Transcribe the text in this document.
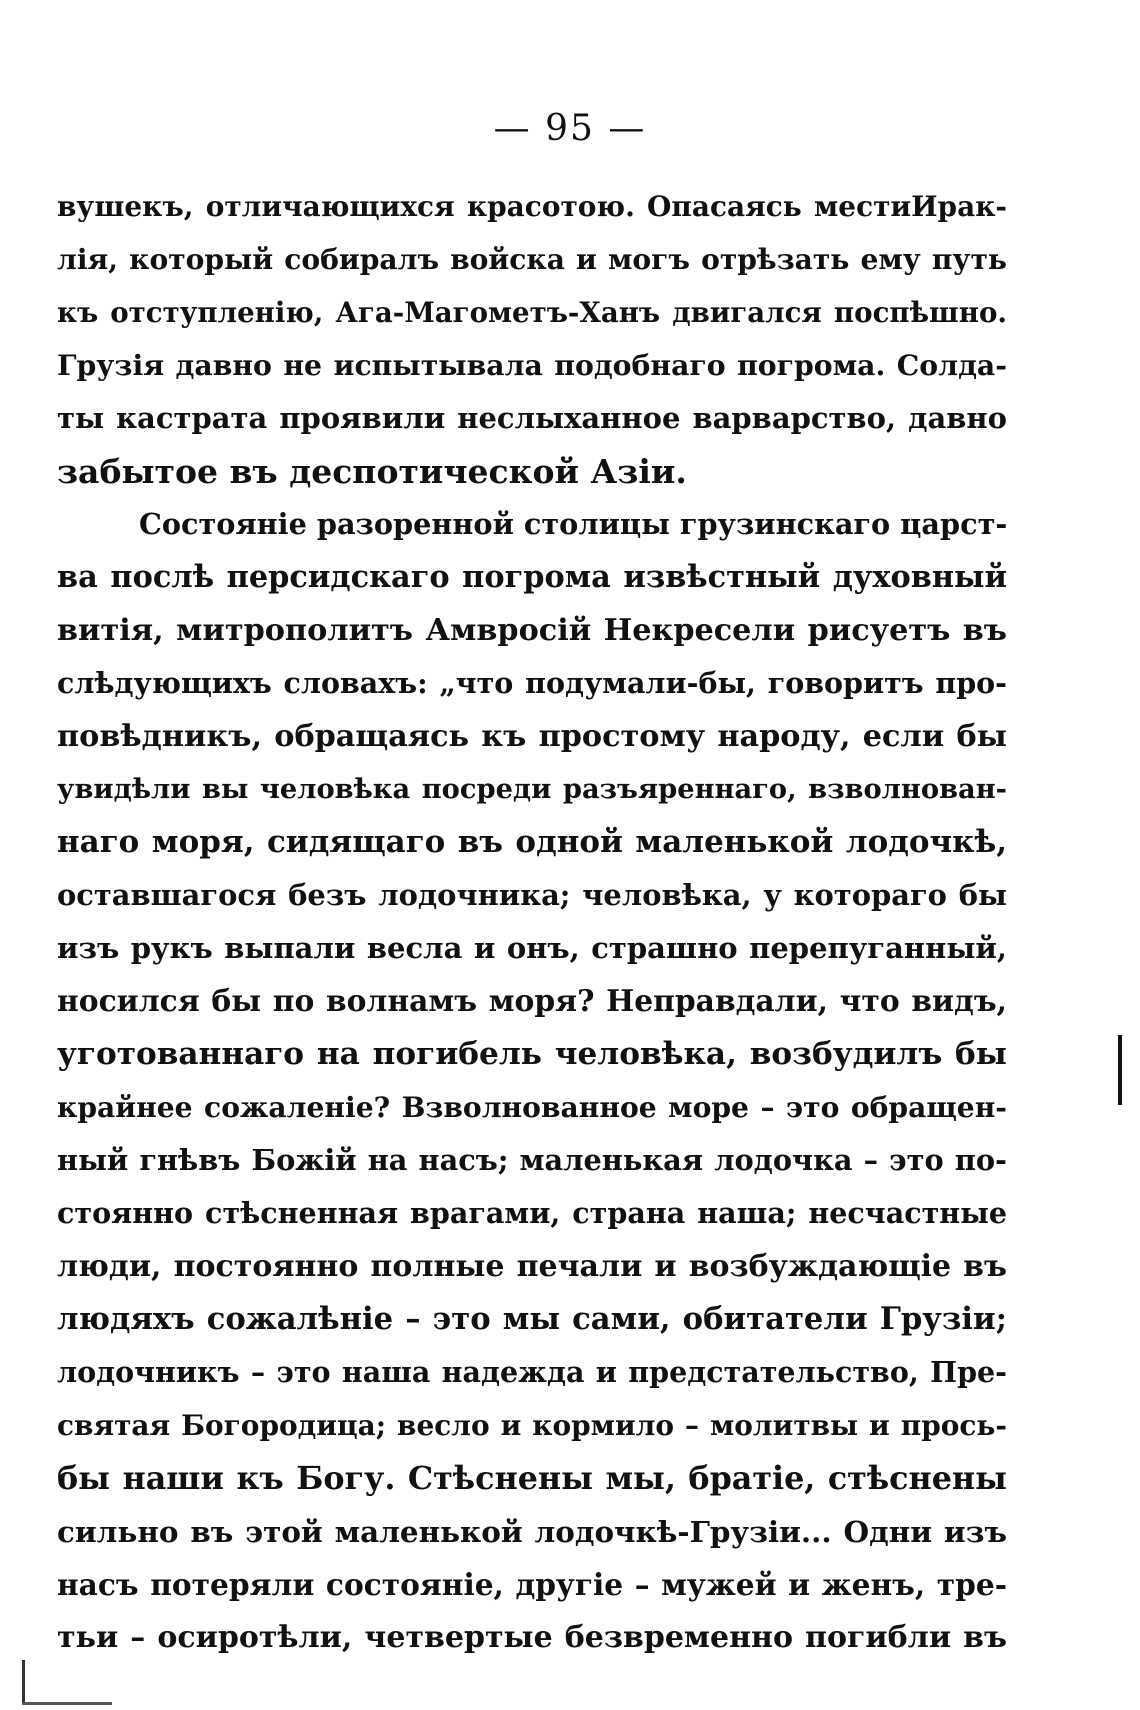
— 95 —
вушекъ, отличающихся красотою. Опасаясь местиИрак-
лія, который собиралъ войска и могъ отрѣзать ему путь
къ отступленію, Ага-Магометъ-Ханъ двигался поспѣшно.
Грузія давно не испытывала подобнаго погрома. Солда-
ты кастрата проявили неслыханное варварство, давно
забытое въ деспотической Азіи.
Состояніе разоренной столицы грузинскаго царст-
ва послѣ персидскаго погрома извѣстный духовный
витія, митрополитъ Амвросій Некресели рисуетъ въ
слѣдующихъ словахъ: „что подумали-бы, говоритъ про-
повѣдникъ, обращаясь къ простому народу, если бы
увидѣли вы человѣка посреди разъяреннаго, взволнован-
наго моря, сидящаго въ одной маленькой лодочкѣ,
оставшагося безъ лодочника; человѣка, у котораго бы
изъ рукъ выпали весла и онъ, страшно перепуганный,
носился бы по волнамъ моря? Неправдали, что видъ,
уготованнаго на погибель человѣка, возбудилъ бы
крайнее сожаленіе? Взволнованное море – это обращен-
ный гнѣвъ Божій на насъ; маленькая лодочка – это по-
стоянно стѣсненная врагами, страна наша; несчастные
люди, постоянно полные печали и возбуждающіе въ
людяхъ сожалѣніе – это мы сами, обитатели Грузіи;
лодочникъ – это наша надежда и предстательство, Пре-
святая Богородица; весло и кормило – молитвы и прось-
бы наши къ Богу. Стѣснены мы, братіе, стѣснены
сильно въ этой маленькой лодочкѣ-Грузіи... Одни изъ
насъ потеряли состояніе, другіе – мужей и женъ, тре-
тьи – осиротѣли, четвертые безвременно погибли въ
